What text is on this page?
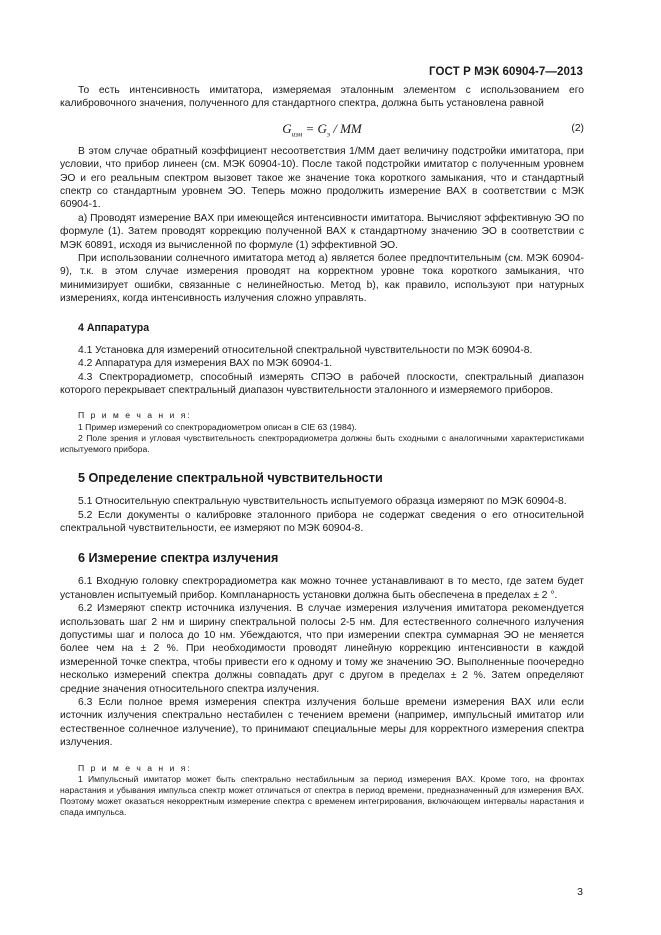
ГОСТ Р МЭК 60904-7—2013

То есть интенсивность имитатора, измеряемая эталонным элементом с использованием его калибровочного значения, полученного для стандартного спектра, должна быть установлена равной

$G_{изм} = G_э$ / MM	(2)

В этом случае обратный коэффициент несоответствия 1/MM дает величину подстройки имитатора, при условии, что прибор линеен (см. МЭК 60904-10). После такой подстройки имитатор с полученным уровнем ЭО и его реальным спектром вызовет такое же значение тока короткого замыкания, что и стандартный спектр со стандартным уровнем ЭО. Теперь можно продолжить измерение ВАХ в соответствии с МЭК 60904-1.

a) Проводят измерение ВАХ при имеющейся интенсивности имитатора. Вычисляют эффективную ЭО по формуле (1). Затем проводят коррекцию полученной ВАХ к стандартному значению ЭО в соответствии с МЭК 60891, исходя из вычисленной по формуле (1) эффективной ЭО.

При использовании солнечного имитатора метод а) является более предпочтительным (см. МЭК 60904-9), т.к. в этом случае измерения проводят на корректном уровне тока короткого замыкания, что минимизирует ошибки, связанные с нелинейностью. Метод b), как правило, используют при натурных измерениях, когда интенсивность излучения сложно управлять.

4 Аппаратура

4.1 Установка для измерений относительной спектральной чувствительности по МЭК 60904-8.

4.2 Аппаратура для измерения ВАХ по МЭК 60904-1.

4.3 Спектрорадиометр, способный измерять СПЭО в рабочей плоскости, спектральный диапазон которого перекрывает спектральный диапазон чувствительности эталонного и измеряемого приборов.

П р и м е ч а н и я:

1 Пример измерений со спектрорадиометром описан в CIE 63 (1984).

2 Поле зрения и угловая чувствительность спектрорадиометра должны быть сходными с аналогичными характеристиками испытуемого прибора.

5 Определение спектральной чувствительности

5.1 Относительную спектральную чувствительность испытуемого образца измеряют по МЭК 60904-8.

5.2 Если документы о калибровке эталонного прибора не содержат сведения о его относительной спектральной чувствительности, ее измеряют по МЭК 60904-8.

6 Измерение спектра излучения

6.1 Входную головку спектрорадиометра как можно точнее устанавливают в то место, где затем будет установлен испытуемый прибор. Компланарность установки должна быть обеспечена в пределах ± 2 °.

6.2 Измеряют спектр источника излучения. В случае измерения излучения имитатора рекомендуется использовать шаг 2 нм и ширину спектральной полосы 2-5 нм. Для естественного солнечного излучения допустимы шаг и полоса до 10 нм. Убеждаются, что при измерении спектра суммарная ЭО не меняется более чем на ± 2 %. При необходимости проводят линейную коррекцию интенсивности в каждой измеренной точке спектра, чтобы привести его к одному и тому же значению ЭО. Выполненные поочередно несколько измерений спектра должны совпадать друг с другом в пределах ± 2 %. Затем определяют средние значения относительного спектра излучения.

6.3 Если полное время измерения спектра излучения больше времени измерения ВАХ или если источник излучения спектрально нестабилен с течением времени (например, импульсный имитатор или естественное солнечное излучение), то принимают специальные меры для корректного измерения спектра излучения.

П р и м е ч а н и я:

1 Импульсный имитатор может быть спектрально нестабильным за период измерения ВАХ. Кроме того, на фронтах нарастания и убывания импульса спектр может отличаться от спектра в период времени, предназначенный для измерения ВАХ. Поэтому может оказаться некорректным измерение спектра с временем интегрирования, включающем интервалы нарастания и спада импульса.

3
